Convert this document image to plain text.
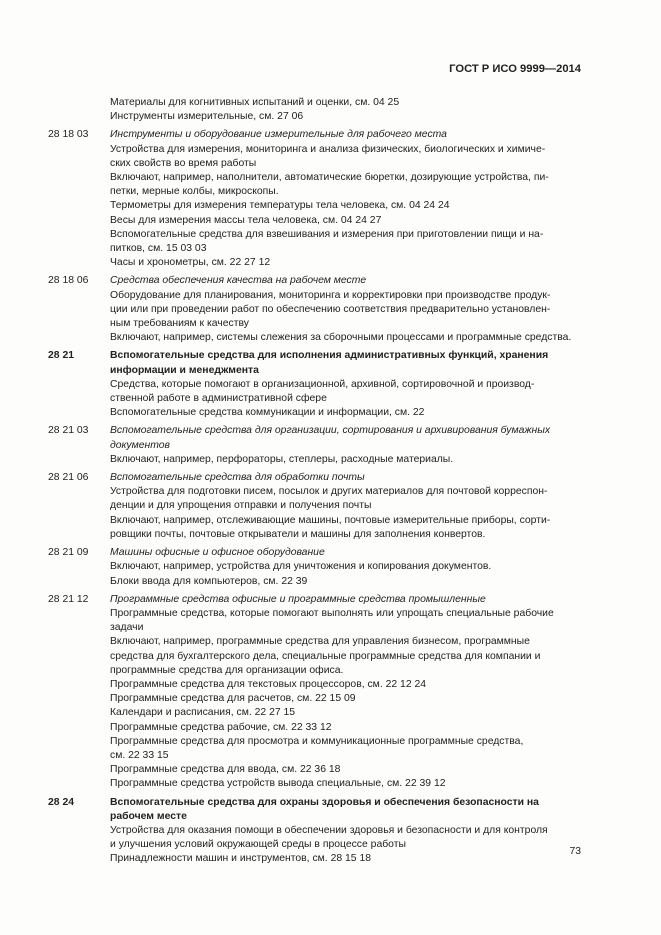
ГОСТ Р ИСО 9999—2014
Материалы для когнитивных испытаний и оценки, см. 04 25
Инструменты измерительные, см. 27 06
28 18 03	Инструменты и оборудование измерительные для рабочего места
Устройства для измерения, мониторинга и анализа физических, биологических и химиче-
ских свойств во время работы
Включают, например, наполнители, автоматические бюретки, дозирующие устройства, пи-
петки, мерные колбы, микроскопы.
Термометры для измерения температуры тела человека, см. 04 24 24
Весы для измерения массы тела человека, см. 04 24 27
Вспомогательные средства для взвешивания и измерения при приготовлении пищи и на-
питков, см. 15 03 03
Часы и хронометры, см. 22 27 12
28 18 06	Средства обеспечения качества на рабочем месте
Оборудование для планирования, мониторинга и корректировки при производстве продук-
ции или при проведении работ по обеспечению соответствия предварительно установлен-
ным требованиям к качеству
Включают, например, системы слежения за сборочными процессами и программные средства.
28 21	Вспомогательные средства для исполнения административных функций, хранения
информации и менеджмента
Средства, которые помогают в организационной, архивной, сортировочной и производ-
ственной работе в административной сфере
Вспомогательные средства коммуникации и информации, см. 22
28 21 03	Вспомогательные средства для организации, сортирования и архивирования бумажных
документов
Включают, например, перфораторы, степлеры, расходные материалы.
28 21 06	Вспомогательные средства для обработки почты
Устройства для подготовки писем, посылок и других материалов для почтовой корреспон-
денции и для упрощения отправки и получения почты
Включают, например, отслеживающие машины, почтовые измерительные приборы, сорти-
ровщики почты, почтовые открыватели и машины для заполнения конвертов.
28 21 09	Машины офисные и офисное оборудование
Включают, например, устройства для уничтожения и копирования документов.
Блоки ввода для компьютеров, см. 22 39
28 21 12	Программные средства офисные и программные средства промышленные
Программные средства, которые помогают выполнять или упрощать специальные рабочие
задачи
Включают, например, программные средства для управления бизнесом, программные
средства для бухгалтерского дела, специальные программные средства для компании и
программные средства для организации офиса.
Программные средства для текстовых процессоров, см. 22 12 24
Программные средства для расчетов, см. 22 15 09
Календари и расписания, см. 22 27 15
Программные средства рабочие, см. 22 33 12
Программные средства для просмотра и коммуникационные программные средства,
см. 22 33 15
Программные средства для ввода, см. 22 36 18
Программные средства устройств вывода специальные, см. 22 39 12
28 24	Вспомогательные средства для охраны здоровья и обеспечения безопасности на
рабочем месте
Устройства для оказания помощи в обеспечении здоровья и безопасности и для контроля
и улучшения условий окружающей среды в процессе работы
Принадлежности машин и инструментов, см. 28 15 18
73
